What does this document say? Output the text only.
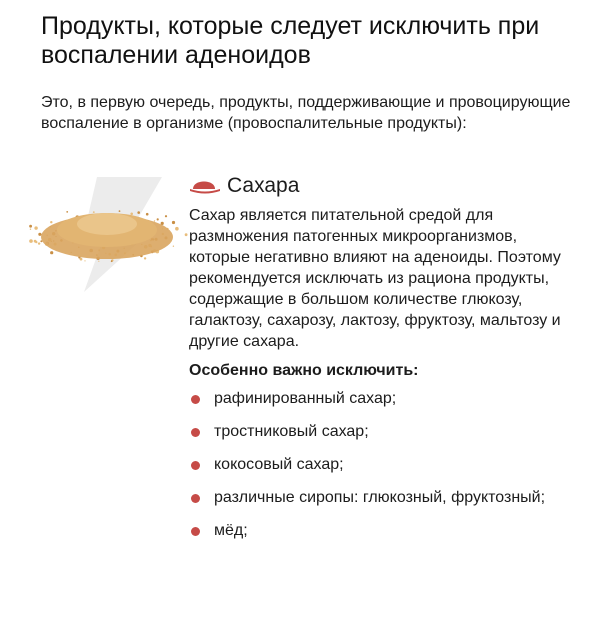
Продукты, которые следует исключить при воспалении аденоидов

Это, в первую очередь, продукты, поддерживающие и провоцирующие воспаление в организме (провоспалительные продукты):

Сахара

Сахар является питательной средой для размножения патогенных микроорганизмов, которые негативно влияют на аденоиды. Поэтому рекомендуется исключать из рациона продукты, содержащие в большом количестве глюкозу, галактозу, сахарозу, лактозу, фруктозу, мальтозу и другие сахара.

Особенно важно исключить:
рафинированный сахар;
тростниковый сахар;
кокосовый сахар;
различные сиропы: глюкозный, фруктозный;
мёд;
